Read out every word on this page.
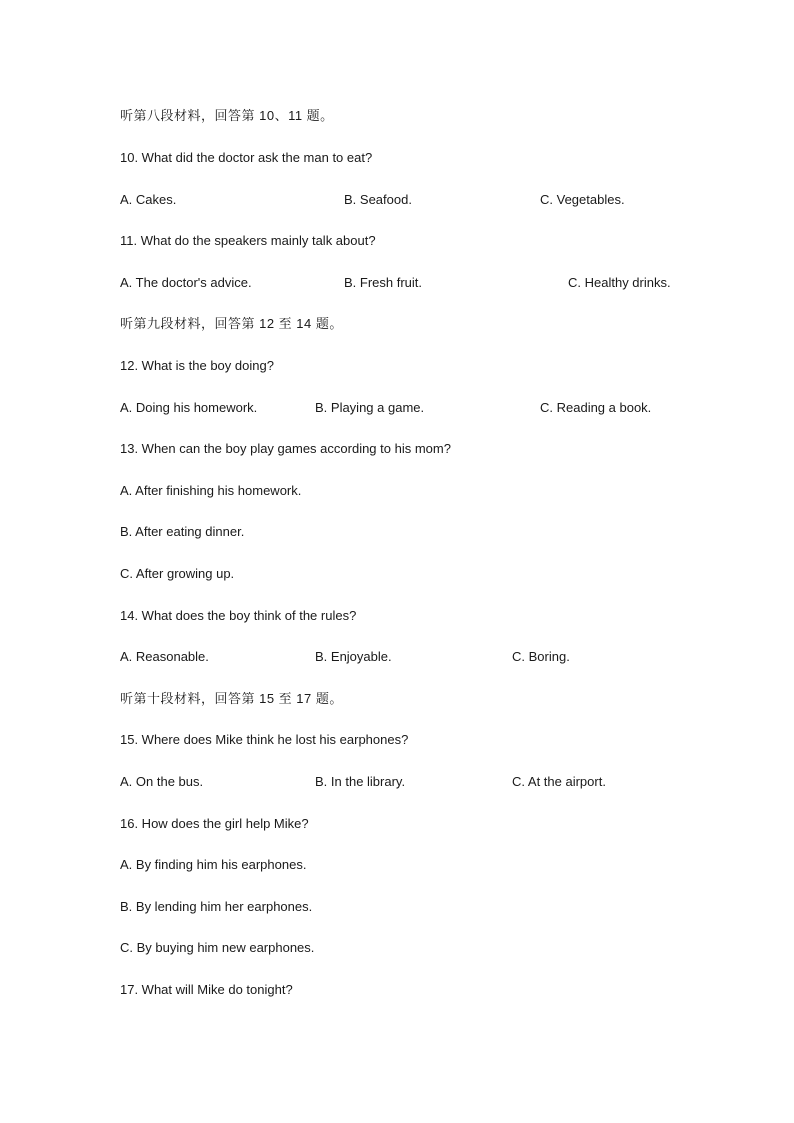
听第八段材料，回答第 10、11 题。
10. What did the doctor ask the man to eat?
A. Cakes.	B. Seafood.	C. Vegetables.
11. What do the speakers mainly talk about?
A. The doctor's advice.	B. Fresh fruit.	C. Healthy drinks.
听第九段材料，回答第 12 至 14 题。
12. What is the boy doing?
A. Doing his homework.	B. Playing a game.	C. Reading a book.
13. When can the boy play games according to his mom?
A. After finishing his homework.
B. After eating dinner.
C. After growing up.
14. What does the boy think of the rules?
A. Reasonable.	B. Enjoyable.	C. Boring.
听第十段材料，回答第 15 至 17 题。
15. Where does Mike think he lost his earphones?
A. On the bus.	B. In the library.	C. At the airport.
16. How does the girl help Mike?
A. By finding him his earphones.
B. By lending him her earphones.
C. By buying him new earphones.
17. What will Mike do tonight?
